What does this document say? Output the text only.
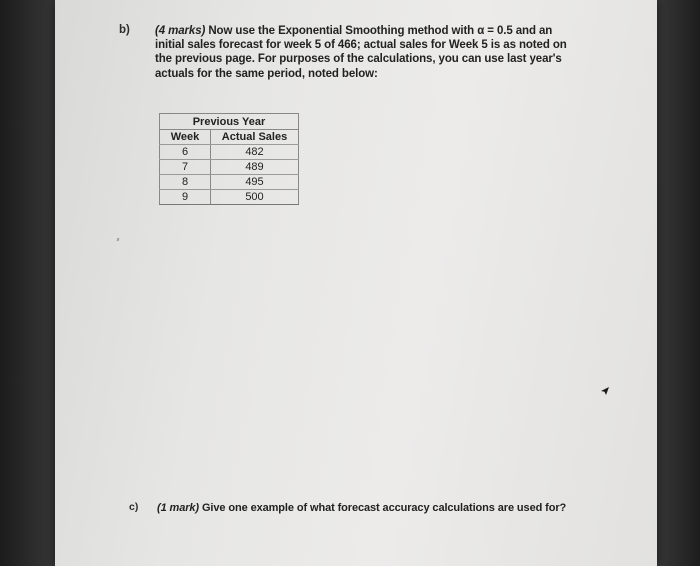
b) (4 marks) Now use the Exponential Smoothing method with α = 0.5 and an
initial sales forecast for week 5 of 466; actual sales for Week 5 is as noted on
the previous page. For purposes of the calculations, you can use last year's
actuals for the same period, noted below:
Previous Year	
Week	Actual Sales
6	482
7	489
8	495
9	500
c) (1 mark) Give one example of what forecast accuracy calculations are used for?
